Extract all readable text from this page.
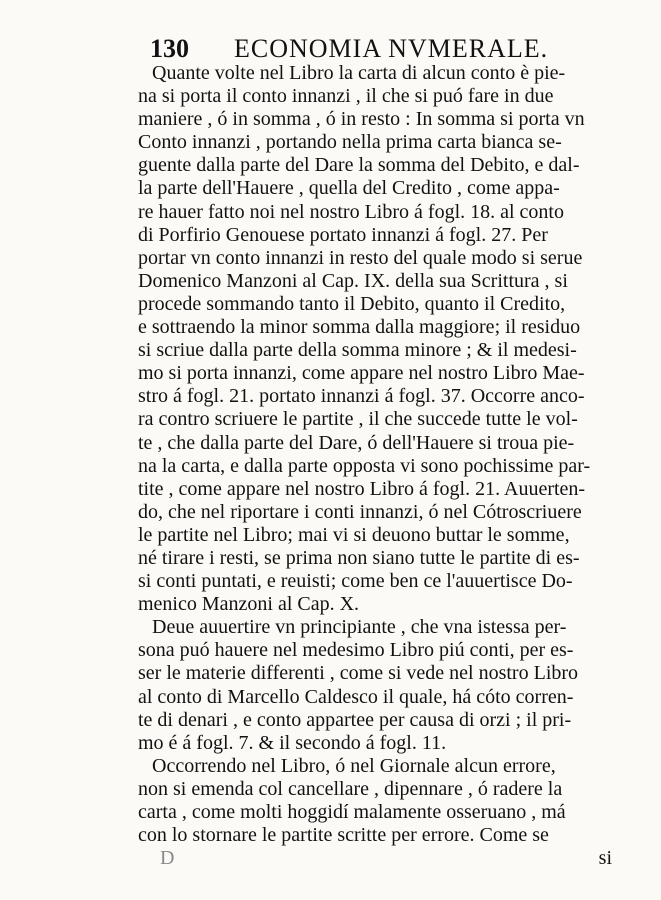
130 ECONOMIA NVMERALE.
Quante volte nel Libro la carta di alcun conto è pie-
na si porta il conto innanzi , il che si puó fare in due
maniere , ó in somma , ó in resto : In somma si porta vn
Conto innanzi , portando nella prima carta bianca se-
guente dalla parte del Dare la somma del Debito, e dal-
la parte dell'Hauere , quella del Credito , come appa-
re hauer fatto noi nel nostro Libro á fogl. 18. al conto
di Porfirio Genouese portato innanzi á fogl. 27. Per
portar vn conto innanzi in resto del quale modo si serue
Domenico Manzoni al Cap. IX. della sua Scrittura , si
procede sommando tanto il Debito, quanto il Credito,
e sottraendo la minor somma dalla maggiore; il residuo
si scriue dalla parte della somma minore ; & il medesi-
mo si porta innanzi, come appare nel nostro Libro Mae-
stro á fogl. 21. portato innanzi á fogl. 37. Occorre anco-
ra contro scriuere le partite , il che succede tutte le vol-
te , che dalla parte del Dare, ó dell'Hauere si troua pie-
na la carta, e dalla parte opposta vi sono pochissime par-
tite , come appare nel nostro Libro á fogl. 21. Auuerten-
do, che nel riportare i conti innanzi, ó nel Cótroscriuere
le partite nel Libro; mai vi si deuono buttar le somme,
né tirare i resti, se prima non siano tutte le partite di es-
si conti puntati, e reuisti; come ben ce l'auuertisce Do-
menico Manzoni al Cap. X.
Deue auuertire vn principiante , che vna istessa per-
sona puó hauere nel medesimo Libro piú conti, per es-
ser le materie differenti , come si vede nel nostro Libro
al conto di Marcello Caldesco il quale, há cóto corren-
te di denari , e conto appartee per causa di orzi ; il pri-
mo é á fogl. 7. & il secondo á fogl. 11.
Occorrendo nel Libro, ó nel Giornale alcun errore,
non si emenda col cancellare , dipennare , ó radere la
carta , come molti hoggidí malamente osseruano , má
con lo stornare le partite scritte per errore. Come se
D	si
